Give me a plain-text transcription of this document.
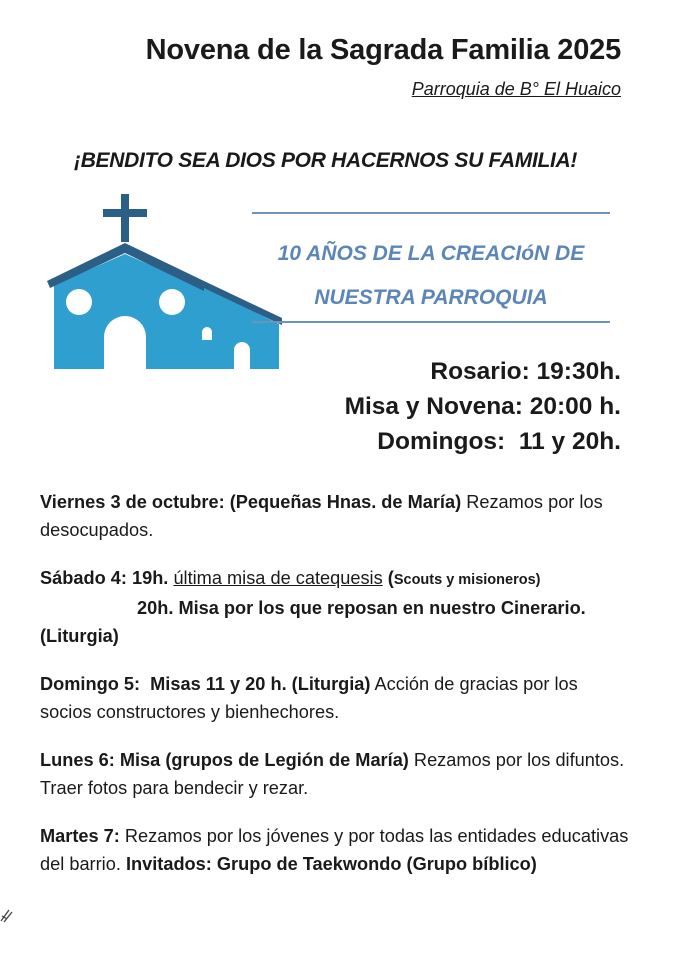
Novena de la Sagrada Familia 2025
Parroquia de B° El Huaico
¡BENDITO SEA DIOS POR HACERNOS SU FAMILIA!
10 AÑOS DE LA CREACIóN DE
NUESTRA PARROQUIA
Rosario: 19:30h.
Misa y Novena: 20:00 h.
Domingos:  11 y 20h.

Viernes 3 de octubre: (Pequeñas Hnas. de María) Rezamos por los desocupados.

Sábado 4: 19h. última misa de catequesis (Scouts y misioneros)
20h. Misa por los que reposan en nuestro Cinerario. (Liturgia)

Domingo 5:  Misas 11 y 20 h. (Liturgia) Acción de gracias por los socios constructores y bienhechores.

Lunes 6: Misa (grupos de Legión de María) Rezamos por los difuntos. Traer fotos para bendecir y rezar.

Martes 7: Rezamos por los jóvenes y por todas las entidades educativas del barrio. Invitados: Grupo de Taekwondo (Grupo bíblico)
